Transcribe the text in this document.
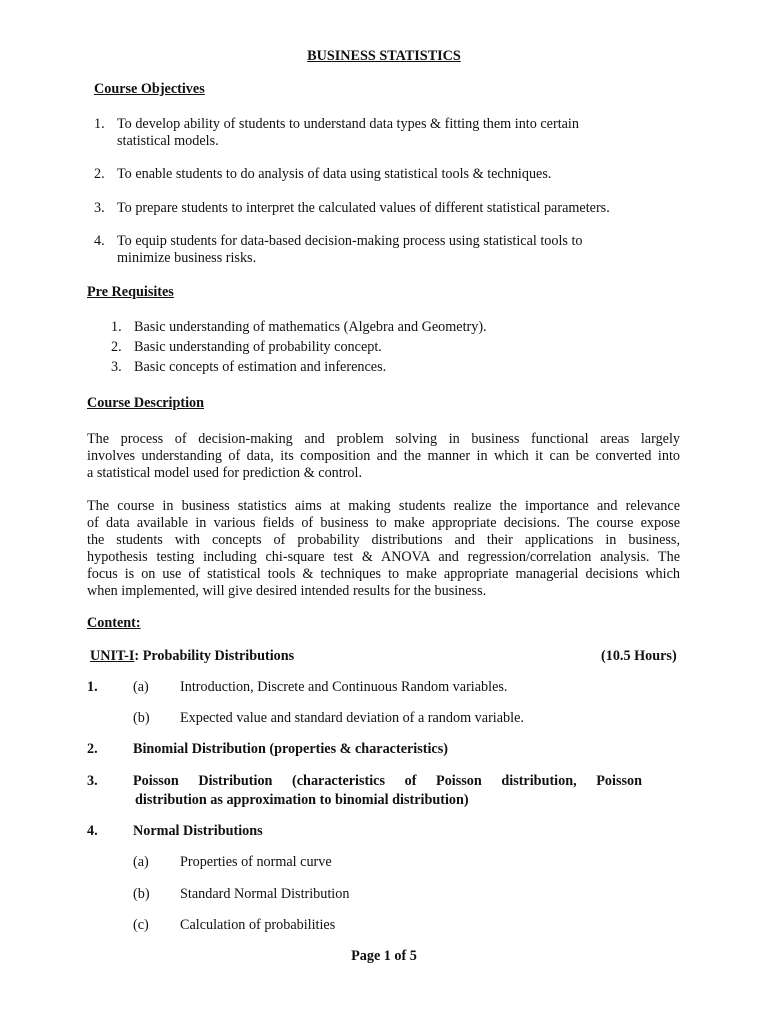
BUSINESS STATISTICS
Course Objectives
1. To develop ability of students to understand data types & fitting them into certain
statistical models.
2. To enable students to do analysis of data using statistical tools & techniques.
3. To prepare students to interpret the calculated values of different statistical parameters.
4. To equip students for data-based decision-making process using statistical tools to
minimize business risks.
Pre Requisites
1. Basic understanding of mathematics (Algebra and Geometry).
2. Basic understanding of probability concept.
3. Basic concepts of estimation and inferences.
Course Description
The process of decision-making and problem solving in business functional areas largely
involves understanding of data, its composition and the manner in which it can be converted into
a statistical model used for prediction & control.
The course in business statistics aims at making students realize the importance and relevance
of data available in various fields of business to make appropriate decisions. The course expose
the students with concepts of probability distributions and their applications in business,
hypothesis testing including chi-square test & ANOVA and regression/correlation analysis. The
focus is on use of statistical tools & techniques to make appropriate managerial decisions which
when implemented, will give desired intended results for the business.
Content:
UNIT-I: Probability Distributions	(10.5 Hours)
1. (a) Introduction, Discrete and Continuous Random variables.
(b) Expected value and standard deviation of a random variable.
2. Binomial Distribution (properties & characteristics)
3. Poisson Distribution (characteristics of Poisson distribution, Poisson
distribution as approximation to binomial distribution)
4. Normal Distributions
(a) Properties of normal curve
(b) Standard Normal Distribution
(c) Calculation of probabilities
Page 1 of 5
